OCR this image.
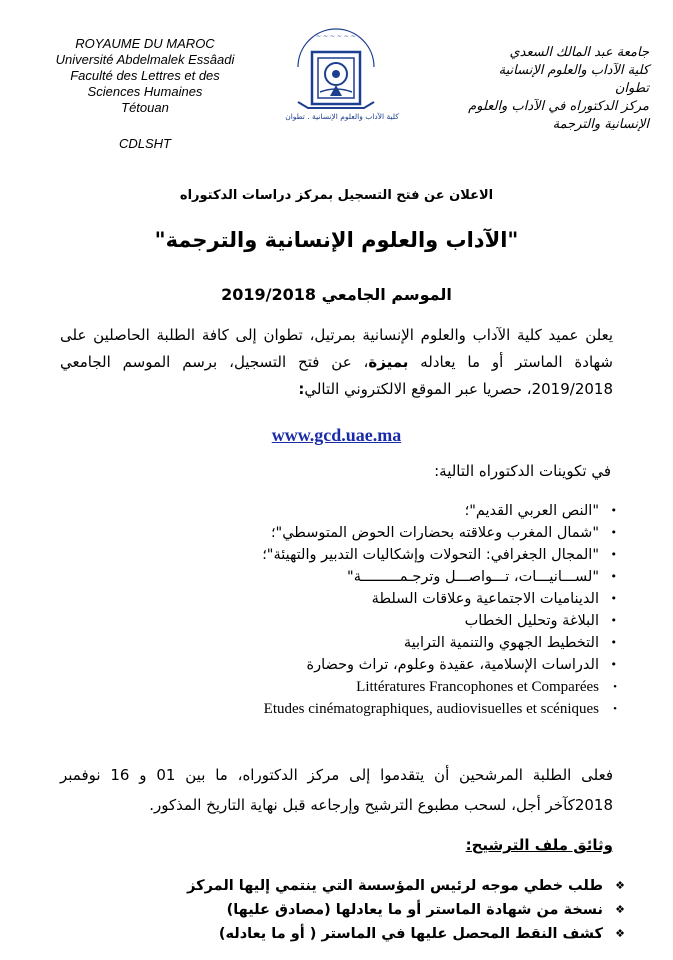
ROYAUME DU MAROC
Université Abdelmalek Essâadi
Faculté des Lettres et des
Sciences Humaines
Tétouan
CDLSHT
~ ~ ~ ~ ~ ~
كلية الآداب والعلوم الإنسانية . تطوان
جامعة عبد المالك السعدي
كلية الآداب والعلوم الإنسانية
تطوان
مركز الدكتوراه في الآداب والعلوم
الإنسانية والترجمة
الاعلان عن فتح التسجيل بمركز دراسات الدكتوراه
"الآداب والعلوم الإنسانية والترجمة"
الموسم الجامعي 2019/2018
يعلن عميد كلية الآداب والعلوم الإنسانية بمرتيل، تطوان إلى كافة الطلبة الحاصلين على شهادة الماستر أو ما يعادله بميزة، عن فتح التسجيل، برسم الموسم الجامعي 2019/2018، حصريا عبر الموقع الالكتروني التالي:
www.gcd.uae.ma
في تكوينات الدكتوراه التالية:
•
"النص العربي القديم"؛
•
"شمال المغرب وعلاقته بحضارات الحوض المتوسطي"؛
•
"المجال الجغرافي: التحولات وإشكاليات التدبير والتهيئة"؛
•
"لســـانيـــات، تـــواصـــل وترجـمـــــــــة"
•
الديناميات الاجتماعية وعلاقات السلطة
•
البلاغة وتحليل الخطاب
•
التخطيط الجهوي والتنمية الترابية
•
الدراسات الإسلامية، عقيدة وعلوم، تراث وحضارة
•
Littératures Francophones et Comparées
•
Etudes cinématographiques, audiovisuelles et scéniques
فعلى الطلبة المرشحين أن يتقدموا إلى مركز الدكتوراه، ما بين 01 و 16 نوفمبر 2018كآخر أجل، لسحب مطبوع الترشيح وإرجاعه قبل نهاية التاريخ المذكور.
وثائق ملف الترشيح:
❖
طلب خطي موجه لرئيس المؤسسة التي ينتمي إليها المركز
❖
نسخة من شهادة الماستر أو ما يعادلها (مصادق عليها)
❖
كشف النقط المحصل عليها في الماستر ( أو ما يعادله)
